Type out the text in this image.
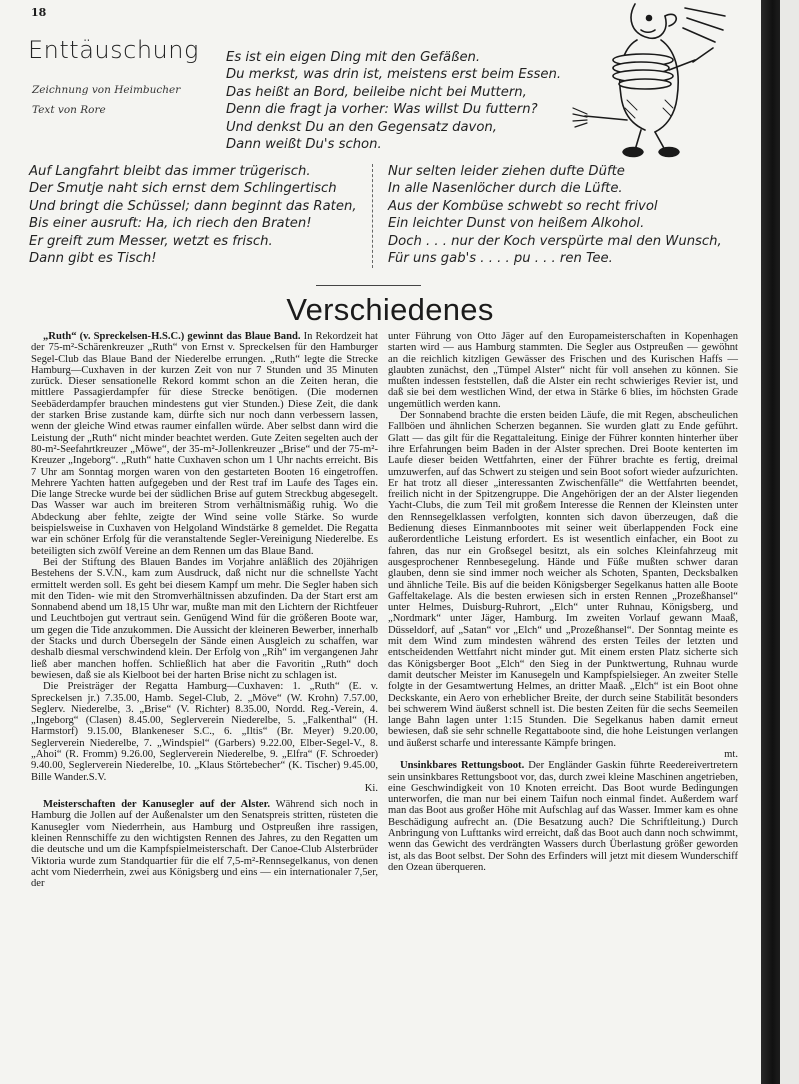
18
Enttäuschung
Zeichnung von Heimbucher
Text von Rore
Es ist ein eigen Ding mit den Gefäßen.
Du merkst, was drin ist, meistens erst beim Essen.
Das heißt an Bord, beileibe nicht bei Muttern,
Denn die fragt ja vorher: Was willst Du futtern?
Und denkst Du an den Gegensatz davon,
Dann weißt Du's schon.
Auf Langfahrt bleibt das immer trügerisch.
Der Smutje naht sich ernst dem Schlingertisch
Und bringt die Schüssel; dann beginnt das Raten,
Bis einer ausruft: Ha, ich riech den Braten!
Er greift zum Messer, wetzt es frisch.
Dann gibt es Tisch!
Nur selten leider ziehen dufte Düfte
In alle Nasenlöcher durch die Lüfte.
Aus der Kombüse schwebt so recht frivol
Ein leichter Dunst von heißem Alkohol.
Doch . . . nur der Koch verspürte mal den Wunsch,
Für uns gab's . . . . pu . . . ren Tee.
Verschiedenes

„Ruth“ (v. Spreckelsen-H.S.C.) gewinnt das Blaue Band. In Rekordzeit hat der 75-m²-Schärenkreuzer „Ruth“ von Ernst v. Spreckelsen für den Hamburger Segel-Club das Blaue Band der Niederelbe errungen. „Ruth“ legte die Strecke Hamburg—Cuxhaven in der kurzen Zeit von nur 7 Stunden und 35 Minuten zurück. Dieser sensationelle Rekord kommt schon an die Zeiten heran, die mittlere Passagierdampfer für diese Strecke benötigen. (Die modernen Seebäderdampfer brauchen mindestens gut vier Stunden.) Diese Zeit, die dank der starken Brise zustande kam, dürfte sich nur noch dann verbessern lassen, wenn der gleiche Wind etwas raumer einfallen würde. Aber selbst dann wird die Leistung der „Ruth“ nicht minder beachtet werden. Gute Zeiten segelten auch der 80-m²-Seefahrtkreuzer „Möwe“, der 35-m²-Jollenkreuzer „Brise“ und der 75-m²-Kreuzer „Ingeborg“. „Ruth“ hatte Cuxhaven schon um 1 Uhr nachts erreicht. Bis 7 Uhr am Sonntag morgen waren von den gestarteten Booten 16 eingetroffen. Mehrere Yachten hatten aufgegeben und der Rest traf im Laufe des Tages ein. Die lange Strecke wurde bei der südlichen Brise auf gutem Streckbug abgesegelt. Das Wasser war auch im breiteren Strom verhältnismäßig ruhig. Wo die Abdeckung aber fehlte, zeigte der Wind seine volle Stärke. So wurde beispielsweise in Cuxhaven von Helgoland Windstärke 8 gemeldet. Die Regatta war ein schöner Erfolg für die veranstaltende Segler-Vereinigung Niederelbe. Es beteiligten sich zwölf Vereine an dem Rennen um das Blaue Band.

Bei der Stiftung des Blauen Bandes im Vorjahre anläßlich des 20jährigen Bestehens der S.V.N., kam zum Ausdruck, daß nicht nur die schnellste Yacht ermittelt werden soll. Es geht bei diesem Kampf um mehr. Die Segler haben sich mit den Tiden- wie mit den Stromverhältnissen abzufinden. Da der Start erst am Sonnabend abend um 18,15 Uhr war, mußte man mit den Lichtern der Richtfeuer und Leuchtbojen gut vertraut sein. Genügend Wind für die größeren Boote war, um gegen die Tide anzukommen. Die Aussicht der kleineren Bewerber, innerhalb der Stacks und durch Übersegeln der Sände einen Ausgleich zu schaffen, war deshalb diesmal verschwindend klein. Der Erfolg von „Rih“ im vergangenen Jahr ließ aber manchen hoffen. Schließlich hat aber die Favoritin „Ruth“ doch bewiesen, daß sie als Kielboot bei der harten Brise nicht zu schlagen ist.

Die Preisträger der Regatta Hamburg—Cuxhaven: 1. „Ruth“ (E. v. Spreckelsen jr.) 7.35.00, Hamb. Segel-Club, 2. „Möve“ (W. Krohn) 7.57.00, Seglerv. Niederelbe, 3. „Brise“ (V. Richter) 8.35.00, Nordd. Reg.-Verein, 4. „Ingeborg“ (Clasen) 8.45.00, Seglerverein Niederelbe, 5. „Falkenthal“ (H. Harmstorf) 9.15.00, Blankeneser S.C., 6. „Iltis“ (Br. Meyer) 9.20.00, Seglerverein Niederelbe, 7. „Windspiel“ (Garbers) 9.22.00, Elber-Segel-V., 8. „Ahoi“ (R. Fromm) 9.26.00, Seglerverein Niederelbe, 9. „Elfra“ (F. Schroeder) 9.40.00, Seglerverein Niederelbe, 10. „Klaus Störtebecher“ (K. Tischer) 9.45.00, Bille Wander.S.V.

Ki.

Meisterschaften der Kanusegler auf der Alster. Während sich noch in Hamburg die Jollen auf der Außenalster um den Senatspreis stritten, rüsteten die Kanusegler vom Niederrhein, aus Hamburg und Ostpreußen ihre rassigen, kleinen Rennschiffe zu den wichtigsten Rennen des Jahres, zu den Regatten um die deutsche und um die Kampfspielmeisterschaft. Der Canoe-Club Alsterbrüder Viktoria wurde zum Standquartier für die elf 7,5-m²-Rennsegelkanus, von denen acht vom Niederrhein, zwei aus Königsberg und eins — ein internationaler 7,5er, der

unter Führung von Otto Jäger auf den Europameisterschaften in Kopenhagen starten wird — aus Hamburg stammten. Die Segler aus Ostpreußen — gewöhnt an die reichlich kitzligen Gewässer des Frischen und des Kurischen Haffs — glaubten zunächst, den „Tümpel Alster“ nicht für voll ansehen zu können. Sie mußten indessen feststellen, daß die Alster ein recht schwieriges Revier ist, und daß sie bei dem westlichen Wind, der etwa in Stärke 6 blies, im höchsten Grade ungemütlich werden kann.

Der Sonnabend brachte die ersten beiden Läufe, die mit Regen, abscheulichen Fallböen und ähnlichen Scherzen begannen. Sie wurden glatt zu Ende geführt. Glatt — das gilt für die Regattaleitung. Einige der Führer konnten hinterher über ihre Erfahrungen beim Baden in der Alster sprechen. Drei Boote kenterten im Laufe dieser beiden Wettfahrten, einer der Führer brachte es fertig, dreimal umzuwerfen, auf das Schwert zu steigen und sein Boot sofort wieder aufzurichten. Er hat trotz all dieser „interessanten Zwischenfälle“ die Wettfahrten beendet, freilich nicht in der Spitzengruppe. Die Angehörigen der an der Alster liegenden Yacht-Clubs, die zum Teil mit großem Interesse die Rennen der Kleinsten unter den Rennsegelklassen verfolgten, konnten sich davon überzeugen, daß die Bedienung dieses Einmannbootes mit seiner weit überlappenden Fock eine außerordentliche Leistung erfordert. Es ist wesentlich einfacher, ein Boot zu fahren, das nur ein Großsegel besitzt, als ein solches Kleinfahrzeug mit ausgesprochener Rennbesegelung. Hände und Füße mußten schwer daran glauben, denn sie sind immer noch weicher als Schoten, Spanten, Decksbalken und ähnliche Teile. Bis auf die beiden Königsberger Segelkanus hatten alle Boote Gaffeltakelage. Als die besten erwiesen sich in ersten Rennen „Prozeßhansel“ unter Helmes, Duisburg-Ruhrort, „Elch“ unter Ruhnau, Königsberg, und „Nordmark“ unter Jäger, Hamburg. Im zweiten Vorlauf gewann Maaß, Düsseldorf, auf „Satan“ vor „Elch“ und „Prozeßhansel“. Der Sonntag meinte es mit dem Wind zum mindesten während des ersten Teiles der letzten und entscheidenden Wettfahrt nicht minder gut. Mit einem ersten Platz sicherte sich das Königsberger Boot „Elch“ den Sieg in der Punktwertung, Ruhnau wurde damit deutscher Meister im Kanusegeln und Kampfspielsieger. An zweiter Stelle folgte in der Gesamtwertung Helmes, an dritter Maaß. „Elch“ ist ein Boot ohne Deckskante, ein Aero von erheblicher Breite, der durch seine Stabilität besonders bei schwerem Wind äußerst schnell ist. Die besten Zeiten für die sechs Seemeilen lange Bahn lagen unter 1:15 Stunden. Die Segelkanus haben damit erneut bewiesen, daß sie sehr schnelle Regattaboote sind, die hohe Leistungen verlangen und äußerst scharfe und interessante Kämpfe bringen.

mt.

Unsinkbares Rettungsboot. Der Engländer Gaskin führte Reedereivertretern sein unsinkbares Rettungsboot vor, das, durch zwei kleine Maschinen angetrieben, eine Geschwindigkeit von 10 Knoten erreicht. Das Boot wurde Bedingungen unterworfen, die man nur bei einem Taifun noch einmal findet. Außerdem warf man das Boot aus großer Höhe mit Aufschlag auf das Wasser. Immer kam es ohne Beschädigung aufrecht an. (Die Besatzung auch? Die Schriftleitung.) Durch Anbringung von Lufttanks wird erreicht, daß das Boot auch dann noch schwimmt, wenn das Gewicht des verdrängten Wassers durch Überlastung größer geworden ist, als das Boot selbst. Der Sohn des Erfinders will jetzt mit diesem Wunderschiff den Ozean überqueren.
